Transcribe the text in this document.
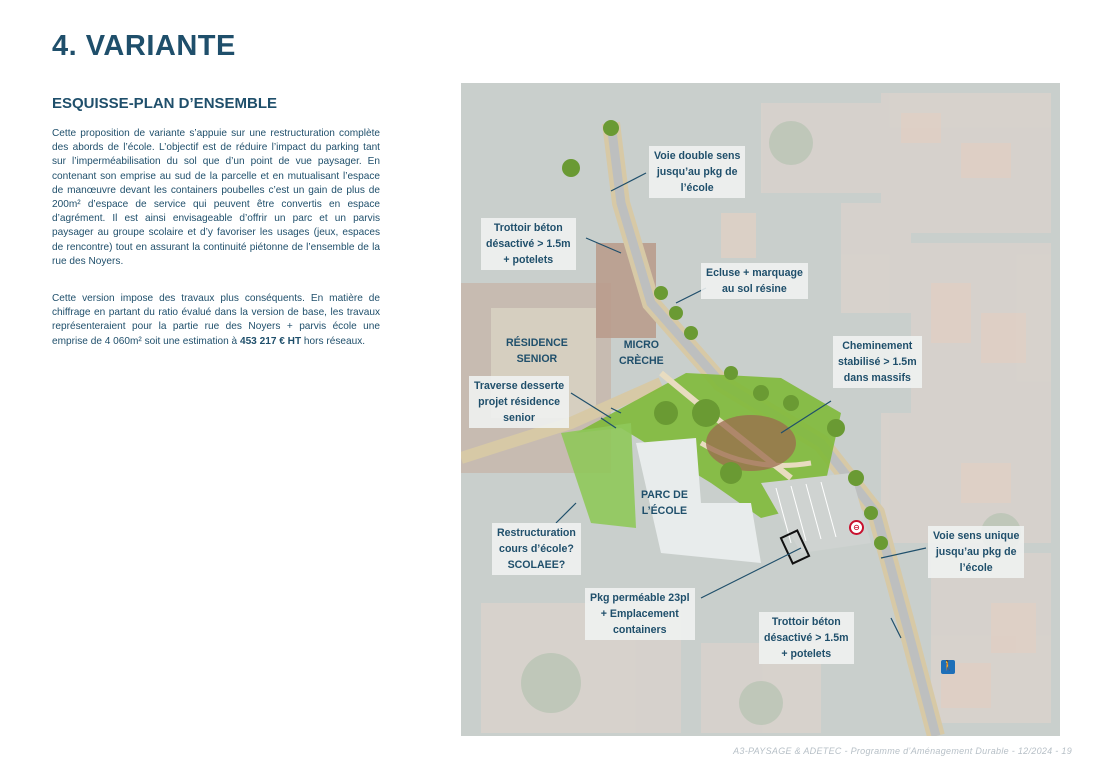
4. VARIANTE
ESQUISSE-PLAN D’ENSEMBLE

Cette proposition de variante s’appuie sur une restructuration complète des abords de l’école. L’objectif est de réduire l’impact du parking tant sur l’imperméabilisation du sol que d’un point de vue paysager. En contenant son emprise au sud de la parcelle et en mutualisant l’espace de manœuvre devant les containers poubelles c’est un gain de plus de 200m² d’espace de service qui peuvent être convertis en espace d’agrément. Il est ainsi envisageable d’offrir un parc et un parvis paysager au groupe scolaire et d’y favoriser les usages (jeux, espaces de rencontre) tout en assurant la continuité piétonne de l’ensemble de la rue des Noyers.

Cette version impose des travaux plus conséquents. En matière de chiffrage en partant du ratio évalué dans la version de base, les travaux représenteraient pour la partie rue des Noyers + parvis école une emprise de 4 060m² soit une estimation à 453 217 € HT hors réseaux.

Voie double sens
jusqu’au pkg de
l’école
Trottoir béton
désactivé > 1.5m
+ potelets
Ecluse + marquage
au sol résine
RÉSIDENCE
SENIOR
MICRO
CRÈCHE
Cheminement
stabilisé > 1.5m
dans massifs
Traverse desserte
projet résidence
senior
PARC DE
L’ÉCOLE
Restructuration
cours d’école?
SCOLAEE?
Voie sens unique
jusqu’au pkg de
l’école
Pkg perméable 23pl
+ Emplacement
containers
Trottoir béton
désactivé > 1.5m
+ potelets
⊖
🚶
A3-PAYSAGE & ADETEC - Programme d’Aménagement Durable - 12/2024 - 19
